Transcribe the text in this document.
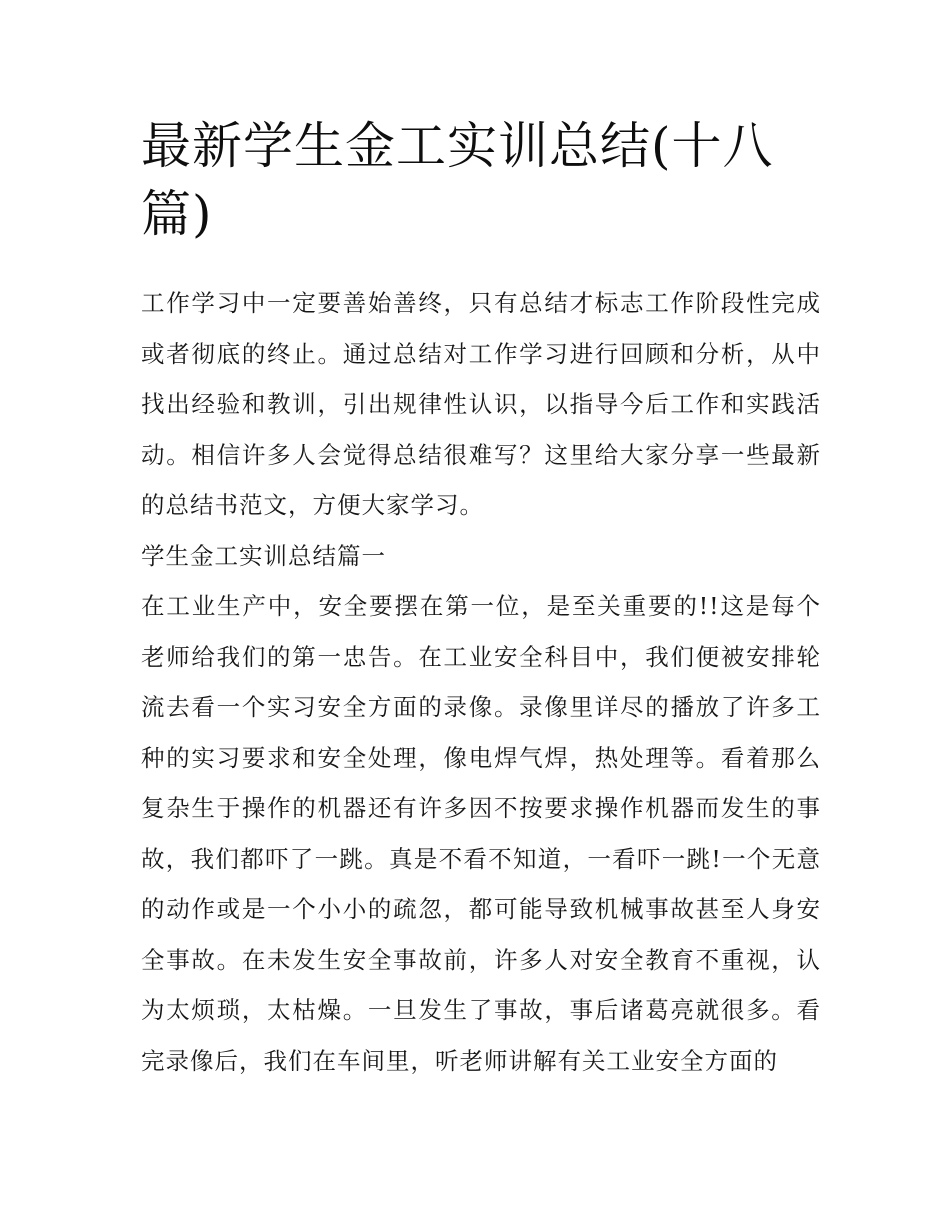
最新学生金工实训总结(十八篇)

工作学习中一定要善始善终，只有总结才标志工作阶段性完成或者彻底的终止。通过总结对工作学习进行回顾和分析，从中找出经验和教训，引出规律性认识，以指导今后工作和实践活动。相信许多人会觉得总结很难写？这里给大家分享一些最新的总结书范文，方便大家学习。

学生金工实训总结篇一

在工业生产中，安全要摆在第一位，是至关重要的!!这是每个老师给我们的第一忠告。在工业安全科目中，我们便被安排轮流去看一个实习安全方面的录像。录像里详尽的播放了许多工种的实习要求和安全处理，像电焊气焊，热处理等。看着那么复杂生于操作的机器还有许多因不按要求操作机器而发生的事故，我们都吓了一跳。真是不看不知道，一看吓一跳!一个无意的动作或是一个小小的疏忽，都可能导致机械事故甚至人身安全事故。在未发生安全事故前，许多人对安全教育不重视，认为太烦琐，太枯燥。一旦发生了事故，事后诸葛亮就很多。看完录像后，我们在车间里，听老师讲解有关工业安全方面的
